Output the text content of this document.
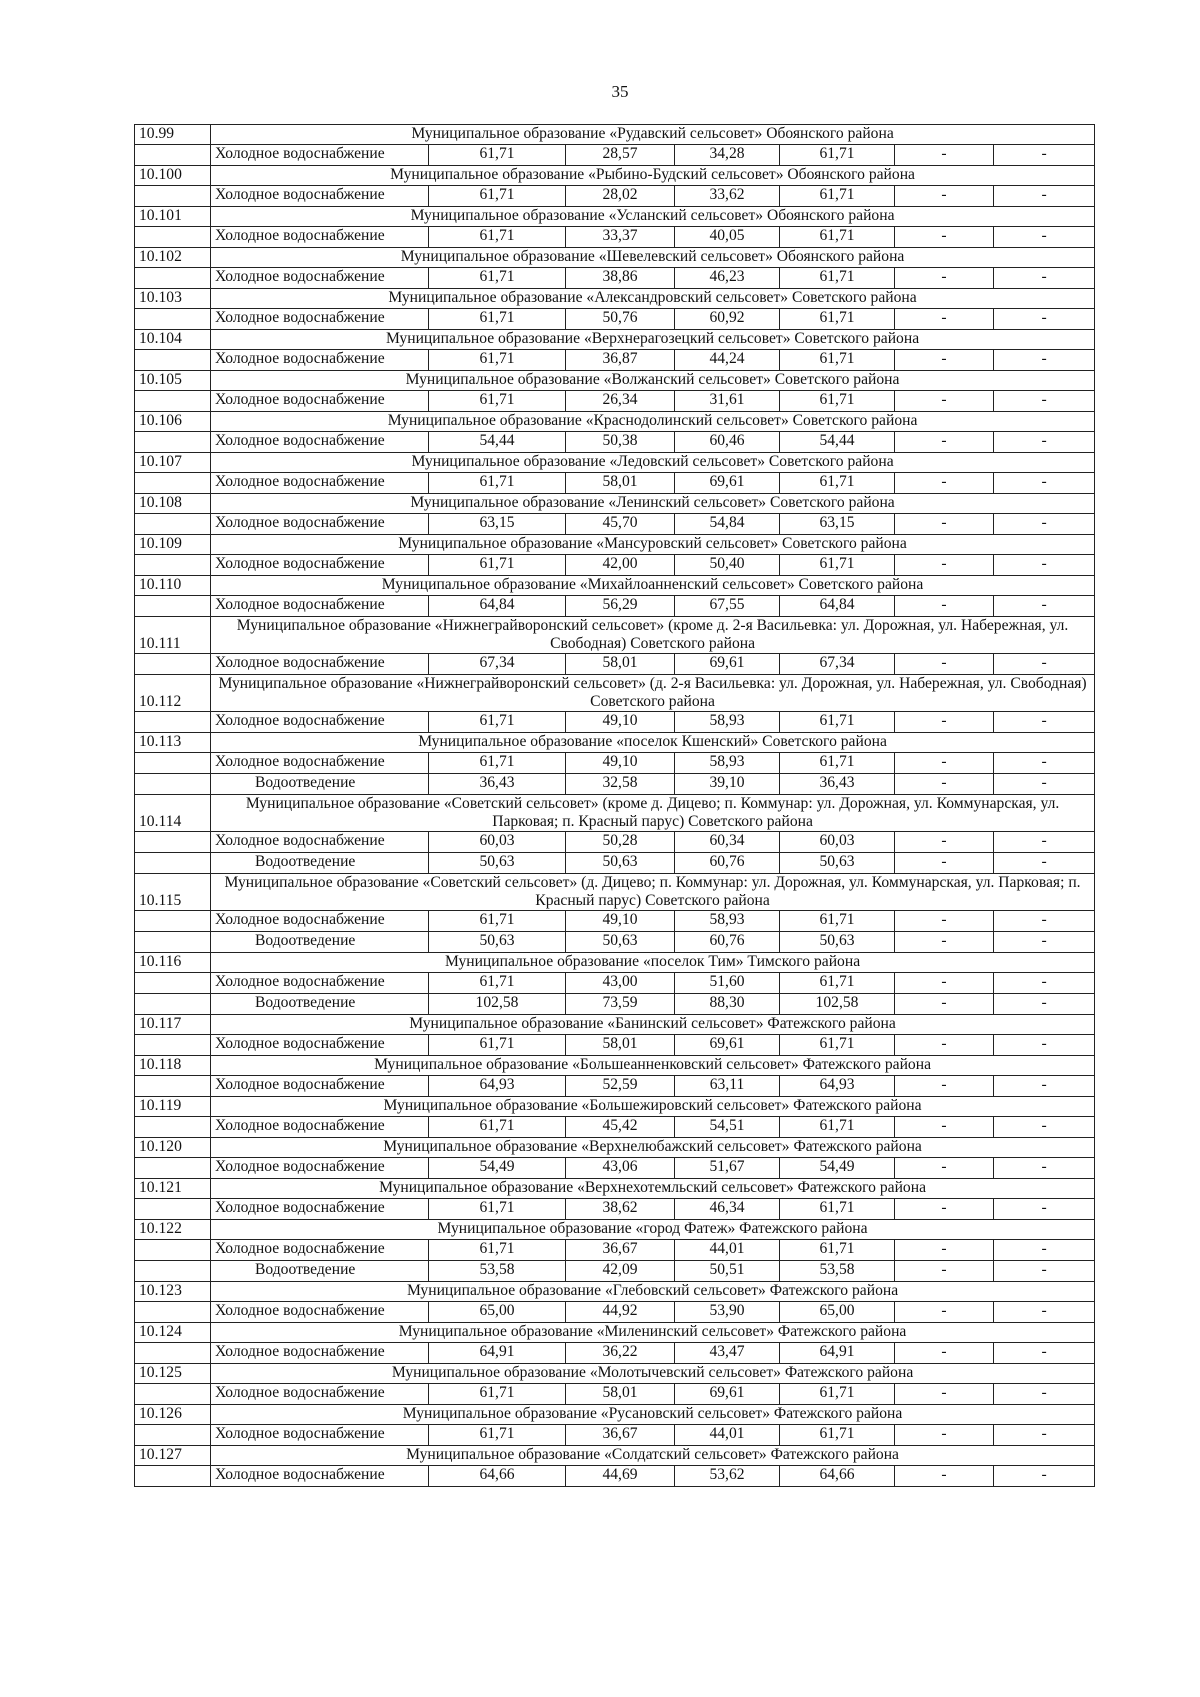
35
10.99	Муниципальное образование «Рудавский сельсовет» Обоянского района						
	Холодное водоснабжение	61,71	28,57	34,28	61,71	-	-
10.100	Муниципальное образование «Рыбино-Будский сельсовет» Обоянского района						
	Холодное водоснабжение	61,71	28,02	33,62	61,71	-	-
10.101	Муниципальное образование «Усланский сельсовет» Обоянского района						
	Холодное водоснабжение	61,71	33,37	40,05	61,71	-	-
10.102	Муниципальное образование «Шевелевский сельсовет» Обоянского района						
	Холодное водоснабжение	61,71	38,86	46,23	61,71	-	-
10.103	Муниципальное образование «Александровский сельсовет» Советского района						
	Холодное водоснабжение	61,71	50,76	60,92	61,71	-	-
10.104	Муниципальное образование «Верхнерагозецкий сельсовет» Советского района						
	Холодное водоснабжение	61,71	36,87	44,24	61,71	-	-
10.105	Муниципальное образование «Волжанский сельсовет» Советского района						
	Холодное водоснабжение	61,71	26,34	31,61	61,71	-	-
10.106	Муниципальное образование «Краснодолинский сельсовет» Советского района						
	Холодное водоснабжение	54,44	50,38	60,46	54,44	-	-
10.107	Муниципальное образование «Ледовский сельсовет» Советского района						
	Холодное водоснабжение	61,71	58,01	69,61	61,71	-	-
10.108	Муниципальное образование «Ленинский сельсовет» Советского района						
	Холодное водоснабжение	63,15	45,70	54,84	63,15	-	-
10.109	Муниципальное образование «Мансуровский сельсовет» Советского района						
	Холодное водоснабжение	61,71	42,00	50,40	61,71	-	-
10.110	Муниципальное образование «Михайлоанненский сельсовет» Советского района						
	Холодное водоснабжение	64,84	56,29	67,55	64,84	-	-
10.111	Муниципальное образование «Нижнеграйворонский сельсовет» (кроме д. 2-я Васильевка: ул. Дорожная, ул. Набережная, ул. Свободная) Советского района						
	Холодное водоснабжение	67,34	58,01	69,61	67,34	-	-
10.112	Муниципальное образование «Нижнеграйворонский сельсовет» (д. 2-я Васильевка: ул. Дорожная, ул. Набережная, ул. Свободная) Советского района						
	Холодное водоснабжение	61,71	49,10	58,93	61,71	-	-
10.113	Муниципальное образование «поселок Кшенский» Советского района						
	Холодное водоснабжение	61,71	49,10	58,93	61,71	-	-
	Водоотведение	36,43	32,58	39,10	36,43	-	-
10.114	Муниципальное образование «Советский сельсовет» (кроме д. Дицево; п. Коммунар: ул. Дорожная, ул. Коммунарская, ул. Парковая; п. Красный парус) Советского района						
	Холодное водоснабжение	60,03	50,28	60,34	60,03	-	-
	Водоотведение	50,63	50,63	60,76	50,63	-	-
10.115	Муниципальное образование «Советский сельсовет» (д. Дицево; п. Коммунар: ул. Дорожная, ул. Коммунарская, ул. Парковая; п. Красный парус) Советского района						
	Холодное водоснабжение	61,71	49,10	58,93	61,71	-	-
	Водоотведение	50,63	50,63	60,76	50,63	-	-
10.116	Муниципальное образование «поселок Тим» Тимского района						
	Холодное водоснабжение	61,71	43,00	51,60	61,71	-	-
	Водоотведение	102,58	73,59	88,30	102,58	-	-
10.117	Муниципальное образование «Банинский сельсовет» Фатежского района						
	Холодное водоснабжение	61,71	58,01	69,61	61,71	-	-
10.118	Муниципальное образование «Большеанненковский сельсовет» Фатежского района						
	Холодное водоснабжение	64,93	52,59	63,11	64,93	-	-
10.119	Муниципальное образование «Большежировский сельсовет» Фатежского района						
	Холодное водоснабжение	61,71	45,42	54,51	61,71	-	-
10.120	Муниципальное образование «Верхнелюбажский сельсовет» Фатежского района						
	Холодное водоснабжение	54,49	43,06	51,67	54,49	-	-
10.121	Муниципальное образование «Верхнехотемльский сельсовет» Фатежского района						
	Холодное водоснабжение	61,71	38,62	46,34	61,71	-	-
10.122	Муниципальное образование «город Фатеж» Фатежского района						
	Холодное водоснабжение	61,71	36,67	44,01	61,71	-	-
	Водоотведение	53,58	42,09	50,51	53,58	-	-
10.123	Муниципальное образование «Глебовский сельсовет» Фатежского района						
	Холодное водоснабжение	65,00	44,92	53,90	65,00	-	-
10.124	Муниципальное образование «Миленинский сельсовет» Фатежского района						
	Холодное водоснабжение	64,91	36,22	43,47	64,91	-	-
10.125	Муниципальное образование «Молотычевский сельсовет» Фатежского района						
	Холодное водоснабжение	61,71	58,01	69,61	61,71	-	-
10.126	Муниципальное образование «Русановский сельсовет» Фатежского района						
	Холодное водоснабжение	61,71	36,67	44,01	61,71	-	-
10.127	Муниципальное образование «Солдатский сельсовет» Фатежского района						
	Холодное водоснабжение	64,66	44,69	53,62	64,66	-	-
